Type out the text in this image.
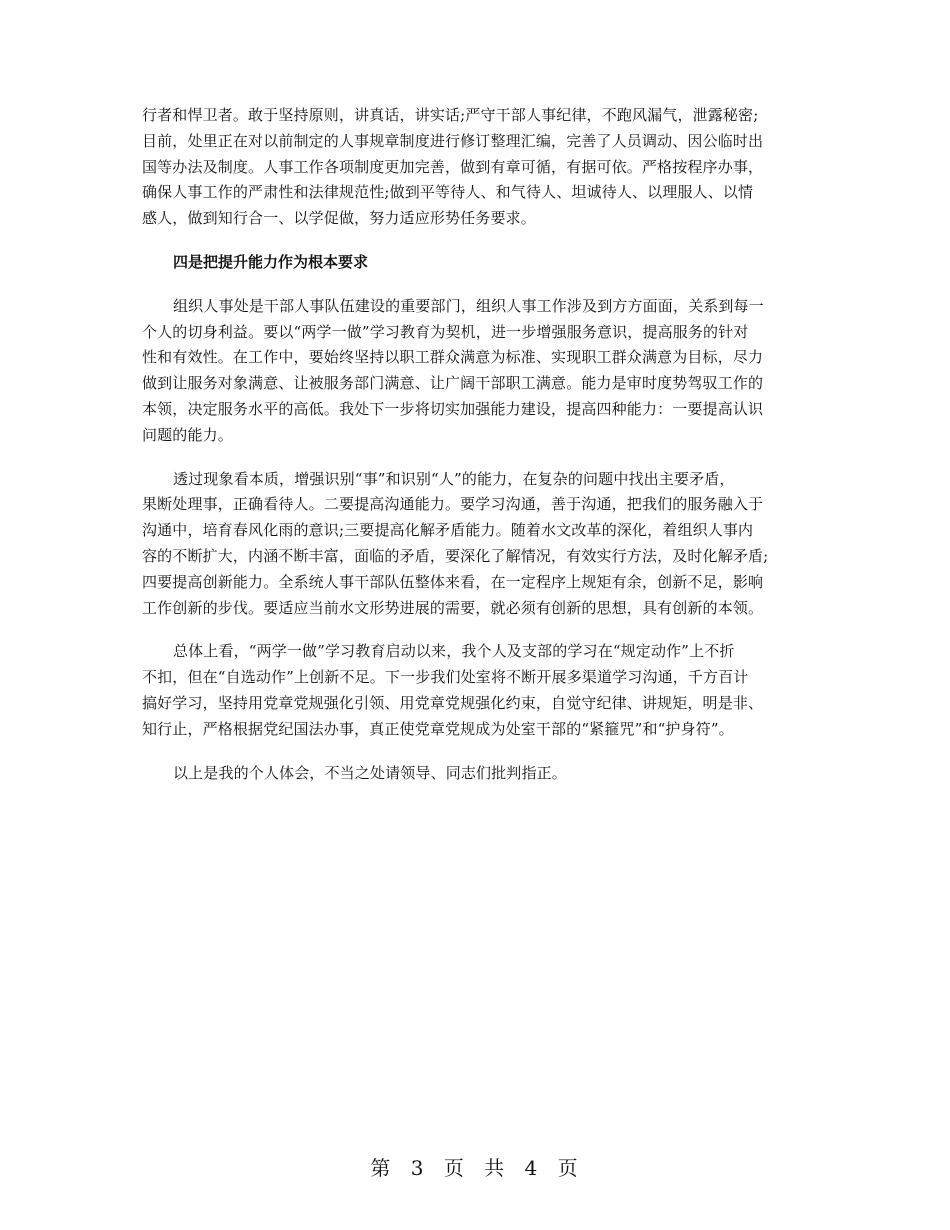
行者和悍卫者。敢于坚持原则，讲真话，讲实话;严守干部人事纪律，不跑风漏气，泄露秘密;
目前，处里正在对以前制定的人事规章制度进行修订整理汇编，完善了人员调动、因公临时出
国等办法及制度。人事工作各项制度更加完善，做到有章可循，有据可依。严格按程序办事，
确保人事工作的严肃性和法律规范性;做到平等待人、和气待人、坦诚待人、以理服人、以情
感人，做到知行合一、以学促做，努力适应形势任务要求。

四是把提升能力作为根本要求

组织人事处是干部人事队伍建设的重要部门，组织人事工作涉及到方方面面，关系到每一
个人的切身利益。要以“两学一做”学习教育为契机，进一步增强服务意识，提高服务的针对
性和有效性。在工作中，要始终坚持以职工群众满意为标准、实现职工群众满意为目标，尽力
做到让服务对象满意、让被服务部门满意、让广阔干部职工满意。能力是审时度势驾驭工作的
本领，决定服务水平的高低。我处下一步将切实加强能力建设，提高四种能力：一要提高认识
问题的能力。

透过现象看本质，增强识别“事”和识别“人”的能力，在复杂的问题中找出主要矛盾，
果断处理事，正确看待人。二要提高沟通能力。要学习沟通，善于沟通，把我们的服务融入于
沟通中，培育春风化雨的意识;三要提高化解矛盾能力。随着水文改革的深化，着组织人事内
容的不断扩大，内涵不断丰富，面临的矛盾，要深化了解情况，有效实行方法，及时化解矛盾;
四要提高创新能力。全系统人事干部队伍整体来看，在一定程序上规矩有余，创新不足，影响
工作创新的步伐。要适应当前水文形势进展的需要，就必须有创新的思想，具有创新的本领。

总体上看，“两学一做”学习教育启动以来，我个人及支部的学习在“规定动作”上不折
不扣，但在“自选动作”上创新不足。下一步我们处室将不断开展多渠道学习沟通，千方百计
搞好学习，坚持用党章党规强化引领、用党章党规强化约束，自觉守纪律、讲规矩，明是非、
知行止，严格根据党纪国法办事，真正使党章党规成为处室干部的“紧箍咒”和“护身符”。

以上是我的个人体会，不当之处请领导、同志们批判指正。

第 3 页 共 4 页
